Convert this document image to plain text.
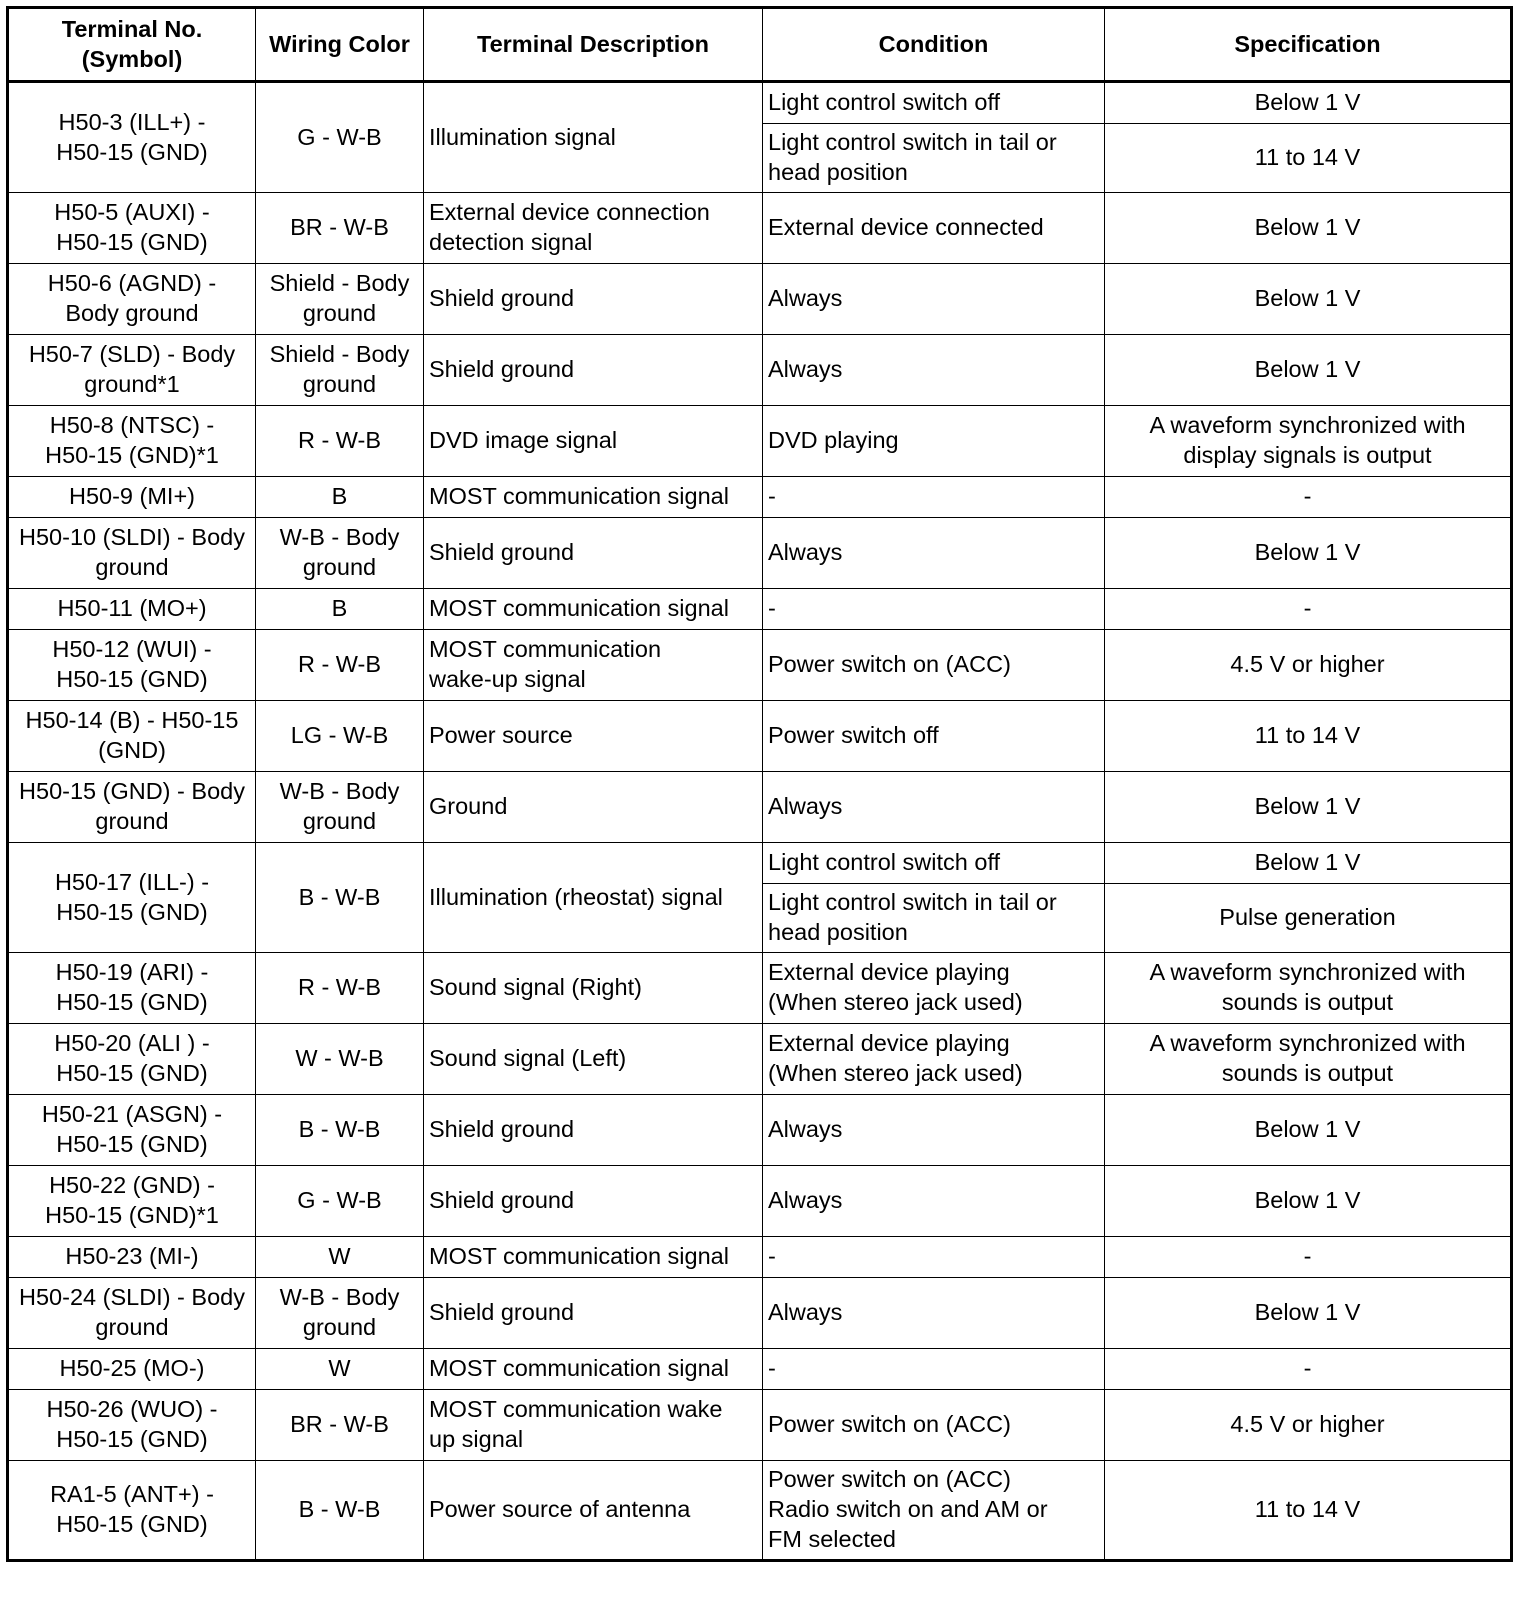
Terminal No.
(Symbol)	Wiring Color	Terminal Description	Condition	Specification
H50-3 (ILL+) -
H50-15 (GND)	G - W-B	Illumination signal	Light control switch off	Below 1 V
			Light control switch in tail or
head position	11 to 14 V
H50-5 (AUXI) -
H50-15 (GND)	BR - W-B	External device connection
detection signal	External device connected	Below 1 V
H50-6 (AGND) -
Body ground	Shield - Body
ground	Shield ground	Always	Below 1 V
H50-7 (SLD) - Body
ground*1	Shield - Body
ground	Shield ground	Always	Below 1 V
H50-8 (NTSC) -
H50-15 (GND)*1	R - W-B	DVD image signal	DVD playing	A waveform synchronized with
display signals is output
H50-9 (MI+)	B	MOST communication signal	-	-
H50-10 (SLDI) - Body
ground	W-B - Body
ground	Shield ground	Always	Below 1 V
H50-11 (MO+)	B	MOST communication signal	-	-
H50-12 (WUI) -
H50-15 (GND)	R - W-B	MOST communication
wake-up signal	Power switch on (ACC)	4.5 V or higher
H50-14 (B) - H50-15
(GND)	LG - W-B	Power source	Power switch off	11 to 14 V
H50-15 (GND) - Body
ground	W-B - Body
ground	Ground	Always	Below 1 V
H50-17 (ILL-) -
H50-15 (GND)	B - W-B	Illumination (rheostat) signal	Light control switch off	Below 1 V
			Light control switch in tail or
head position	Pulse generation
H50-19 (ARI) -
H50-15 (GND)	R - W-B	Sound signal (Right)	External device playing
(When stereo jack used)	A waveform synchronized with
sounds is output
H50-20 (ALI ) -
H50-15 (GND)	W - W-B	Sound signal (Left)	External device playing
(When stereo jack used)	A waveform synchronized with
sounds is output
H50-21 (ASGN) -
H50-15 (GND)	B - W-B	Shield ground	Always	Below 1 V
H50-22 (GND) -
H50-15 (GND)*1	G - W-B	Shield ground	Always	Below 1 V
H50-23 (MI-)	W	MOST communication signal	-	-
H50-24 (SLDI) - Body
ground	W-B - Body
ground	Shield ground	Always	Below 1 V
H50-25 (MO-)	W	MOST communication signal	-	-
H50-26 (WUO) -
H50-15 (GND)	BR - W-B	MOST communication wake
up signal	Power switch on (ACC)	4.5 V or higher
RA1-5 (ANT+) -
H50-15 (GND)	B - W-B	Power source of antenna	Power switch on (ACC)
Radio switch on and AM or
FM selected	11 to 14 V
